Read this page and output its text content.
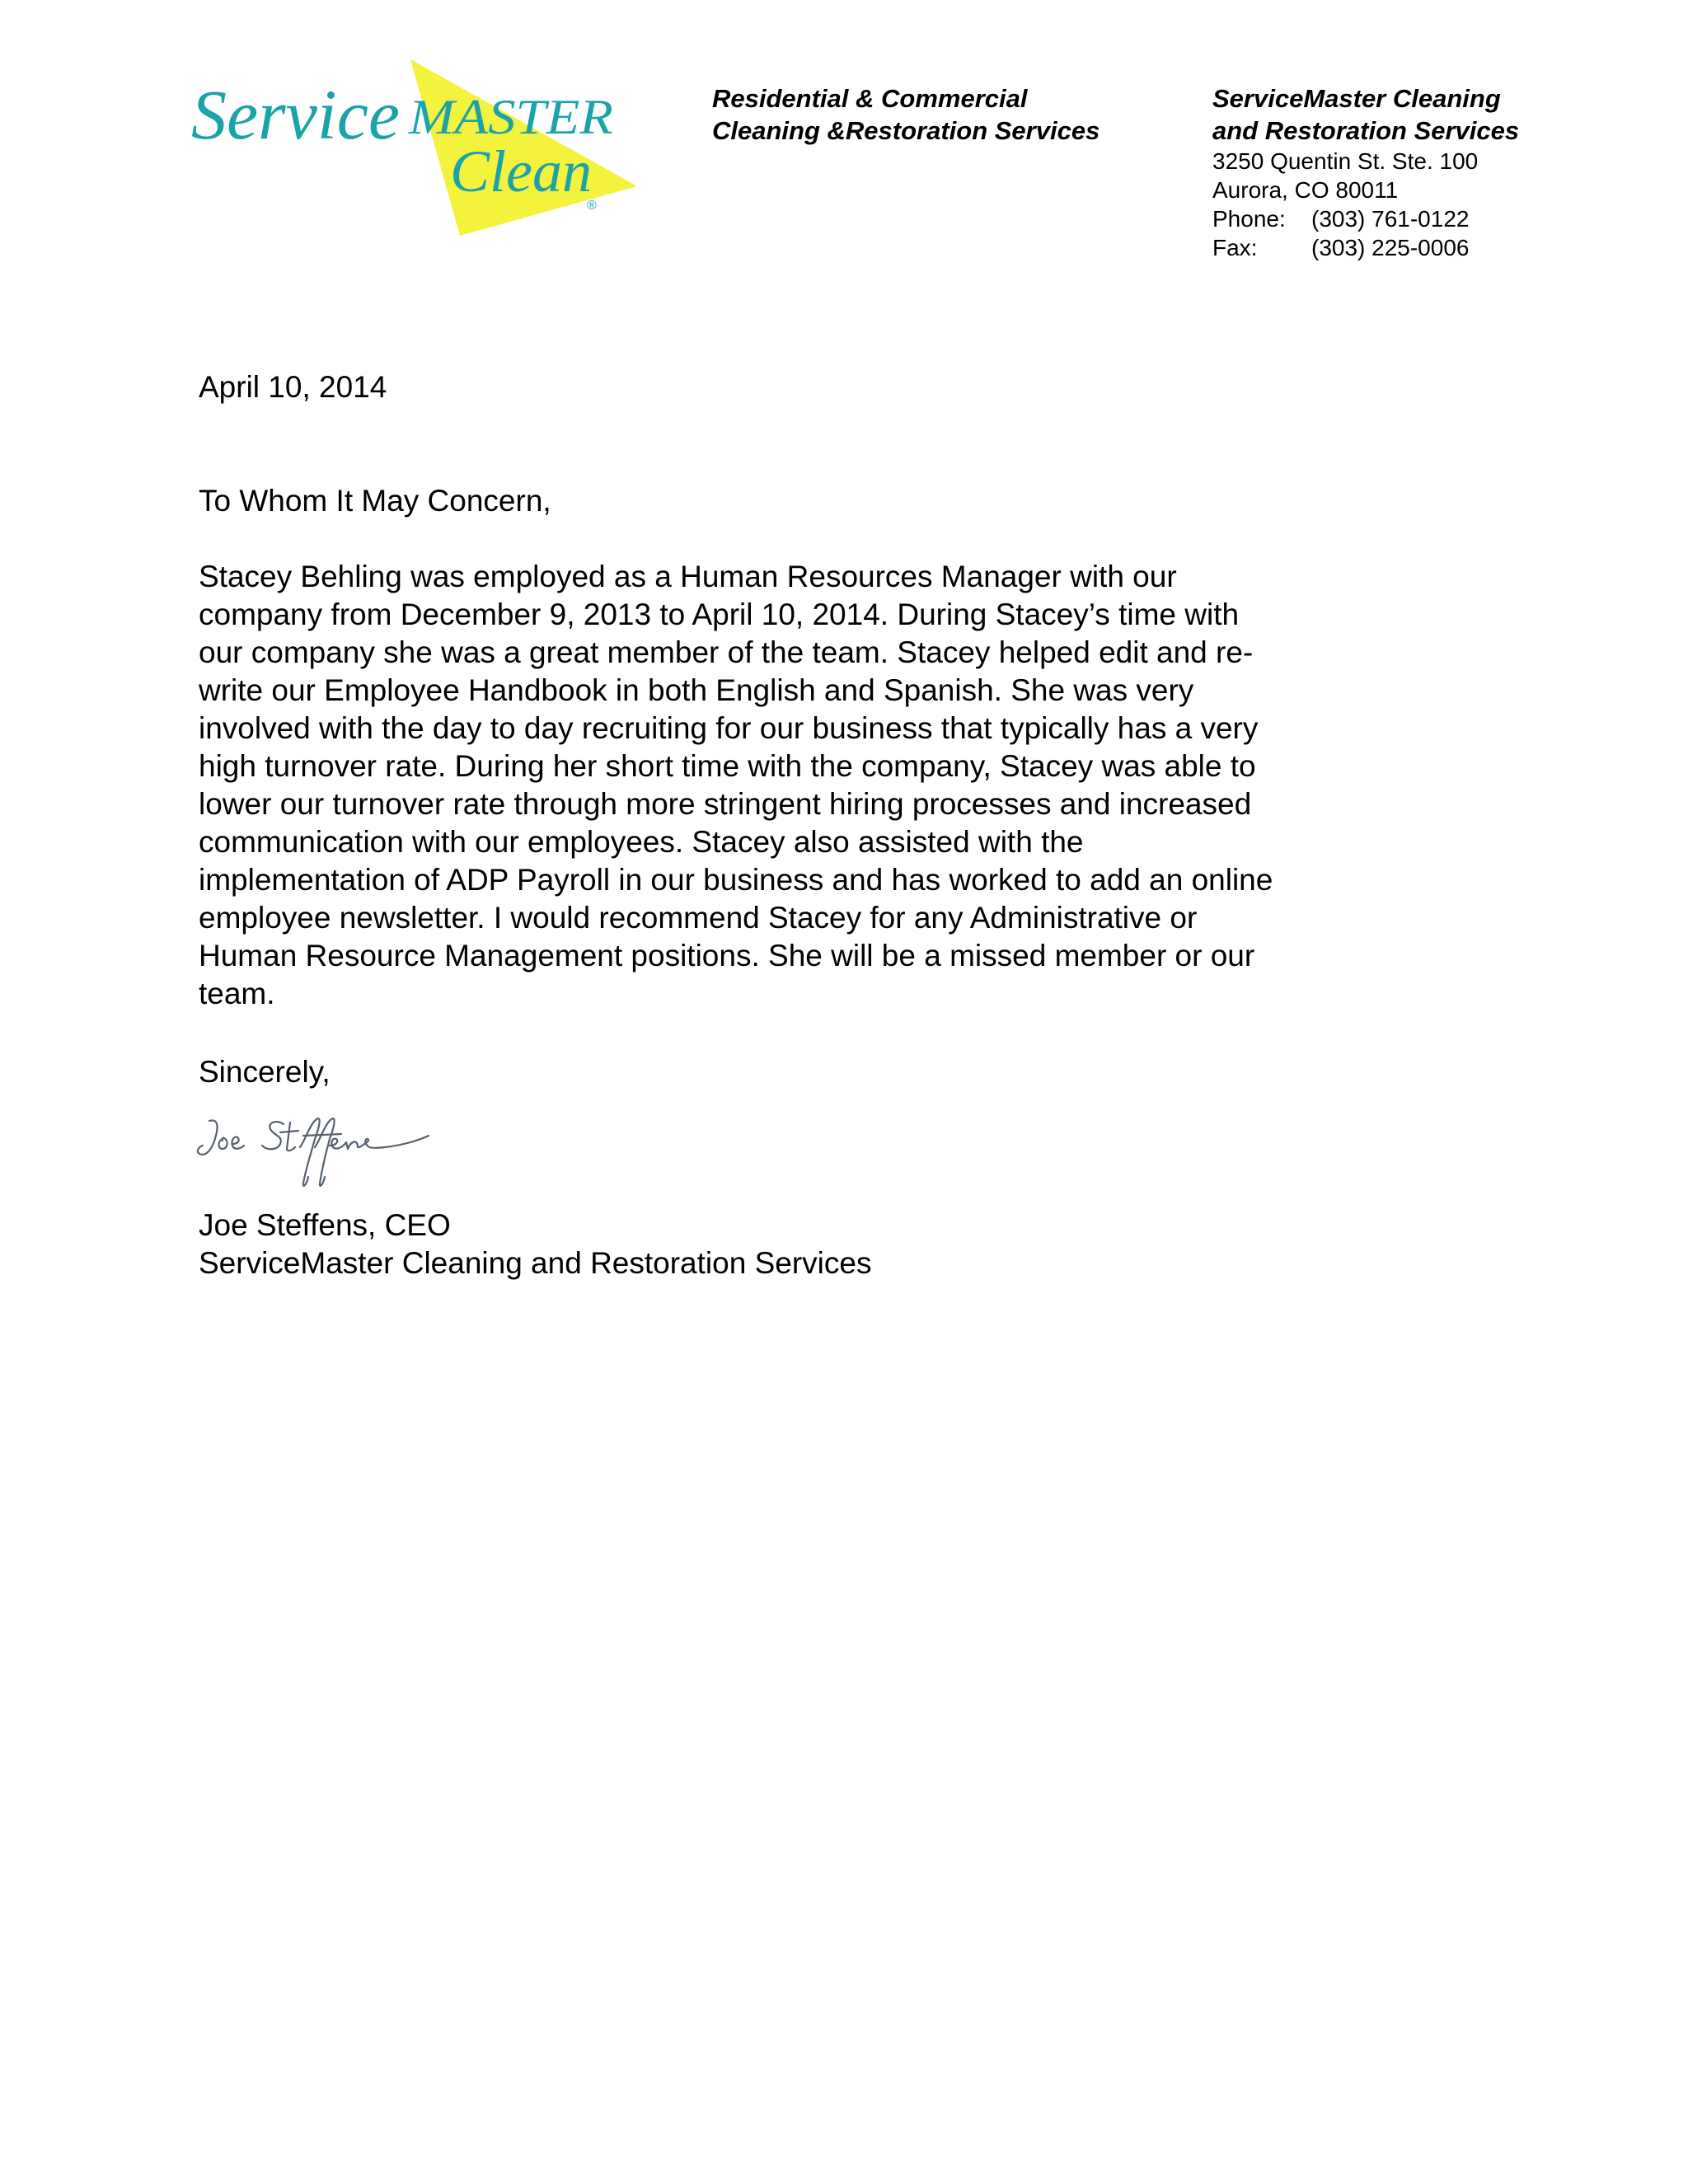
Service MASTER
Clean
®
Residential & Commercial
Cleaning &Restoration Services
ServiceMaster Cleaning
and Restoration Services
3250 Quentin St. Ste. 100
Aurora, CO 80011
Phone: (303) 761-0122
Fax: (303) 225-0006
April 10, 2014
To Whom It May Concern,
Stacey Behling was employed as a Human Resources Manager with our
company from December 9, 2013 to April 10, 2014. During Stacey’s time with
our company she was a great member of the team. Stacey helped edit and re-
write our Employee Handbook in both English and Spanish. She was very
involved with the day to day recruiting for our business that typically has a very
high turnover rate. During her short time with the company, Stacey was able to
lower our turnover rate through more stringent hiring processes and increased
communication with our employees. Stacey also assisted with the
implementation of ADP Payroll in our business and has worked to add an online
employee newsletter. I would recommend Stacey for any Administrative or
Human Resource Management positions. She will be a missed member or our
team.
Sincerely,
Joe Steffens, CEO
ServiceMaster Cleaning and Restoration Services
